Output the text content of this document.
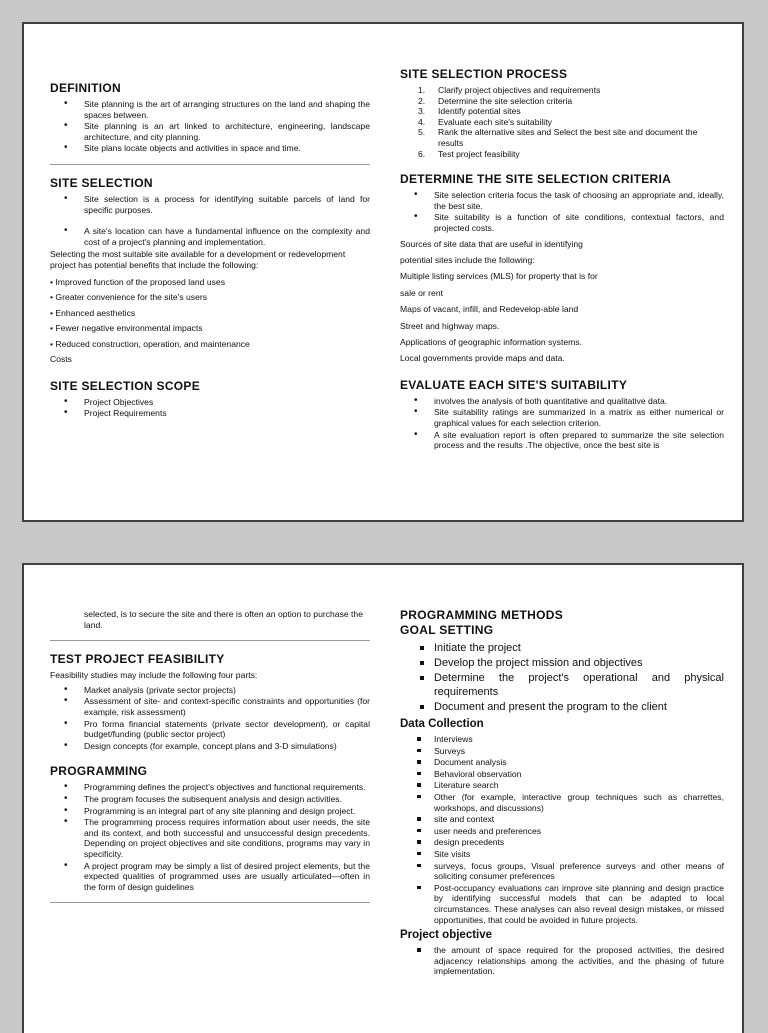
DEFINITION
• Site planning is the art of arranging structures on the land and shaping the spaces between.
• Site planning is an art linked to architecture, engineering, landscape architecture, and city planning.
• Site plans locate objects and activities in space and time.
SITE SELECTION
• Site selection is a process for identifying suitable parcels of land for specific purposes.
• A site's location can have a fundamental influence on the complexity and cost of a project's planning and implementation.

Selecting the most suitable site available for a development or redevelopment project has potential benefits that include the following:

• Improved function of the proposed land uses
• Greater convenience for the site's users
• Enhanced aesthetics
• Fewer negative environmental impacts
• Reduced construction, operation, and maintenance
Costs
SITE SELECTION SCOPE
• Project Objectives
• Project Requirements
SITE SELECTION PROCESS
Clarify project objectives and requirements
Determine the site selection criteria
Identify potential sites
Evaluate each site's suitability
Rank the alternative sites and Select the best site and document the results
Test project feasibility
DETERMINE THE SITE SELECTION CRITERIA
• Site selection criteria focus the task of choosing an appropriate and, ideally, the best site.
• Site suitability is a function of site conditions, contextual factors, and projected costs.
Sources of site data that are useful in identifying
potential sites include the following:
Multiple listing services (MLS) for property that is for
sale or rent
Maps of vacant, infill, and Redevelop-able land
Street and highway maps.
Applications of geographic information systems.
Local governments provide maps and data.
EVALUATE EACH SITE'S SUITABILITY
• involves the analysis of both quantitative and qualitative data.
• Site suitability ratings are summarized in a matrix as either numerical or graphical values for each selection criterion.
• A site evaluation report is often prepared to summarize the site selection process and the results .The objective, once the best site is

selected, is to secure the site and there is often an option to purchase the land.

TEST PROJECT FEASIBILITY

Feasibility studies may include the following four parts:

• Market analysis (private sector projects)
• Assessment of site- and context-specific constraints and opportunities (for example, risk assessment)
• Pro forma financial statements (private sector development), or capital budget/funding (public sector project)
• Design concepts (for example, concept plans and 3-D simulations)
PROGRAMMING
• Programming defines the project's objectives and functional requirements.
• The program focuses the subsequent analysis and design activities.
• Programming is an integral part of any site planning and design project.
• The programming process requires information about user needs, the site and its context, and both successful and unsuccessful design precedents. Depending on project objectives and site conditions, programs may vary in specificity.
• A project program may be simply a list of desired project elements, but the expected qualities of programmed uses are usually articulated—often in the form of design guidelines
PROGRAMMING METHODS
GOAL SETTING
Initiate the project
Develop the project mission and objectives
Determine the project's operational and physical requirements
Document and present the program to the client
Data Collection
Interviews
Surveys
Document analysis
Behavioral observation
Literature search
Other (for example, interactive group techniques such as charrettes, workshops, and discussions)
site and context
user needs and preferences
design precedents
Site visits
surveys, focus groups, Visual preference surveys and other means of soliciting consumer preferences
Post-occupancy evaluations can improve site planning and design practice by identifying successful models that can be adapted to local circumstances. These analyses can also reveal design mistakes, or missed opportunities, that could be avoided in future projects.
Project objective
the amount of space required for the proposed activities, the desired adjacency relationships among the activities, and the phasing of future implementation.
